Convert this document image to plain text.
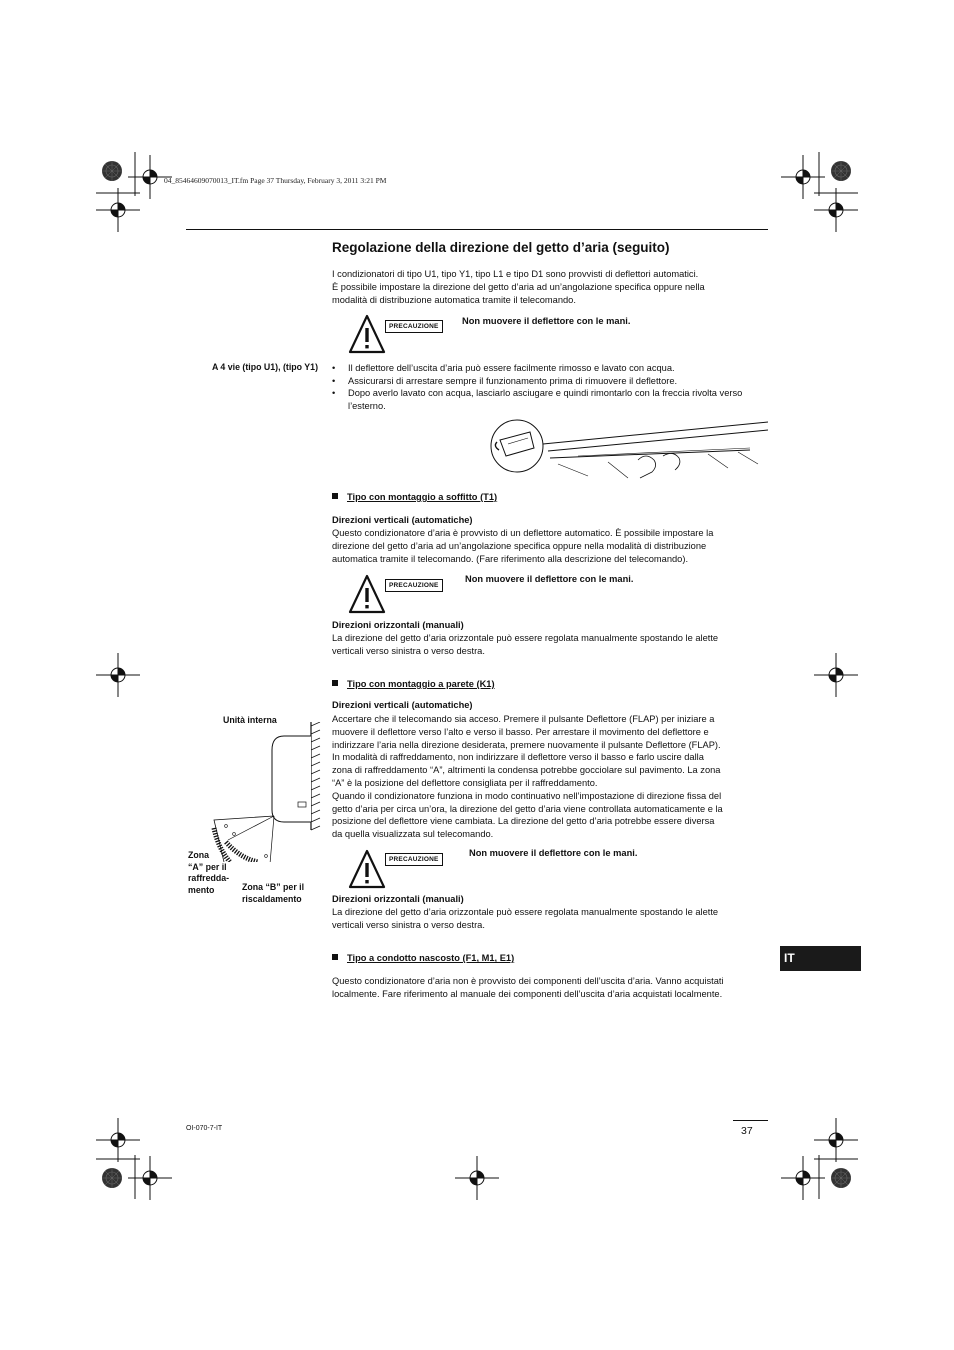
04_85464609070013_IT.fm Page 37 Thursday, February 3, 2011 3:21 PM
Regolazione della direzione del getto d’aria (seguito)

I condizionatori di tipo U1, tipo Y1, tipo L1 e tipo D1 sono provvisti di deflettori automatici.

È possibile impostare la direzione del getto d’aria ad un’angolazione specifica oppure nella

modalità di distribuzione automatica tramite il telecomando.

PRECAUZIONE
Non muovere il deflettore con le mani.
A 4 vie (tipo U1), (tipo Y1)
•	Il deflettore dell’uscita d’aria può essere facilmente rimosso e lavato con acqua.
• Assicurarsi di arrestare sempre il funzionamento prima di rimuovere il deflettore.
• Dopo averlo lavato con acqua, lasciarlo asciugare e quindi rimontarlo con la freccia rivolta verso l’esterno.
Tipo con montaggio a soffitto (T1)
Direzioni verticali (automatiche)

Questo condizionatore d’aria è provvisto di un deflettore automatico. È possibile impostare la

direzione del getto d’aria ad un’angolazione specifica oppure nella modalità di distribuzione

automatica tramite il telecomando. (Fare riferimento alla descrizione del telecomando).

PRECAUZIONE
Non muovere il deflettore con le mani.
Direzioni orizzontali (manuali)

La direzione del getto d’aria orizzontale può essere regolata manualmente spostando le alette

verticali verso sinistra o verso destra.

Tipo con montaggio a parete (K1)
Direzioni verticali (automatiche)

Accertare che il telecomando sia acceso. Premere il pulsante Deflettore (FLAP) per iniziare a

muovere il deflettore verso l’alto e verso il basso. Per arrestare il movimento del deflettore e

indirizzare l’aria nella direzione desiderata, premere nuovamente il pulsante Deflettore (FLAP).

In modalità di raffreddamento, non indirizzare il deflettore verso il basso e farlo uscire dalla

zona di raffreddamento “A”, altrimenti la condensa potrebbe gocciolare sul pavimento. La zona

“A” è la posizione del deflettore consigliata per il raffreddamento.

Quando il condizionatore funziona in modo continuativo nell’impostazione di direzione fissa del

getto d’aria per circa un’ora, la direzione del getto d’aria viene controllata automaticamente e la

posizione del deflettore viene cambiata. La direzione del getto d’aria potrebbe essere diversa

da quella visualizzata sul telecomando.

Unità interna
Zona
“A” per il
raffredda-
mento	Zona “B” per il
riscaldamento
PRECAUZIONE
Non muovere il deflettore con le mani.
Direzioni orizzontali (manuali)

La direzione del getto d’aria orizzontale può essere regolata manualmente spostando le alette

verticali verso sinistra o verso destra.

Tipo a condotto nascosto (F1, M1, E1)

Questo condizionatore d’aria non è provvisto dei componenti dell’uscita d’aria. Vanno acquistati

localmente. Fare riferimento al manuale dei componenti dell’uscita d’aria acquistati localmente.

IT
OI-070-7-IT	37
